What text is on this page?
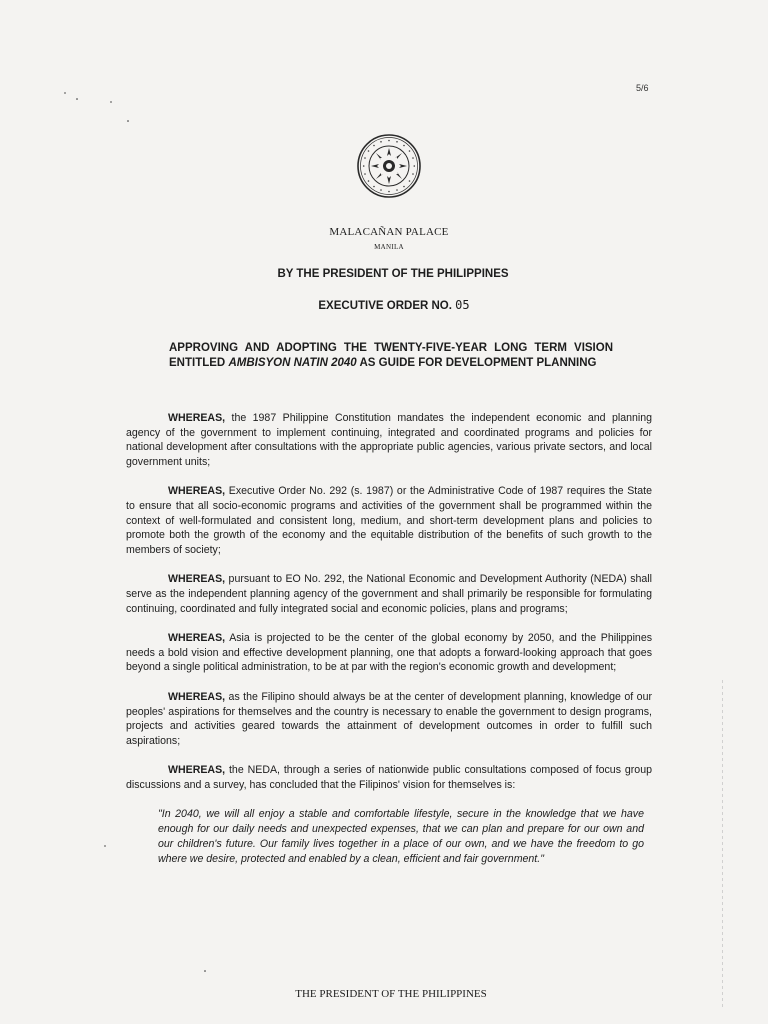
5/6
MALACAÑAN PALACE
MANILA
BY THE PRESIDENT OF THE PHILIPPINES
EXECUTIVE ORDER NO. 05
APPROVING AND ADOPTING THE TWENTY-FIVE-YEAR LONG TERM VISION ENTITLED AMBISYON NATIN 2040 AS GUIDE FOR DEVELOPMENT PLANNING

WHEREAS, the 1987 Philippine Constitution mandates the independent economic and planning agency of the government to implement continuing, integrated and coordinated programs and policies for national development after consultations with the appropriate public agencies, various private sectors, and local government units;

WHEREAS, Executive Order No. 292 (s. 1987) or the Administrative Code of 1987 requires the State to ensure that all socio-economic programs and activities of the government shall be programmed within the context of well-formulated and consistent long, medium, and short-term development plans and policies to promote both the growth of the economy and the equitable distribution of the benefits of such growth to the members of society;

WHEREAS, pursuant to EO No. 292, the National Economic and Development Authority (NEDA) shall serve as the independent planning agency of the government and shall primarily be responsible for formulating continuing, coordinated and fully integrated social and economic policies, plans and programs;

WHEREAS, Asia is projected to be the center of the global economy by 2050, and the Philippines needs a bold vision and effective development planning, one that adopts a forward-looking approach that goes beyond a single political administration, to be at par with the region's economic growth and development;

WHEREAS, as the Filipino should always be at the center of development planning, knowledge of our peoples' aspirations for themselves and the country is necessary to enable the government to design programs, projects and activities geared towards the attainment of development outcomes in order to fulfill such aspirations;

WHEREAS, the NEDA, through a series of nationwide public consultations composed of focus group discussions and a survey, has concluded that the Filipinos' vision for themselves is:

"In 2040, we will all enjoy a stable and comfortable lifestyle, secure in the knowledge that we have enough for our daily needs and unexpected expenses, that we can plan and prepare for our own and our children's future. Our family lives together in a place of our own, and we have the freedom to go where we desire, protected and enabled by a clean, efficient and fair government."

THE PRESIDENT OF THE PHILIPPINES
